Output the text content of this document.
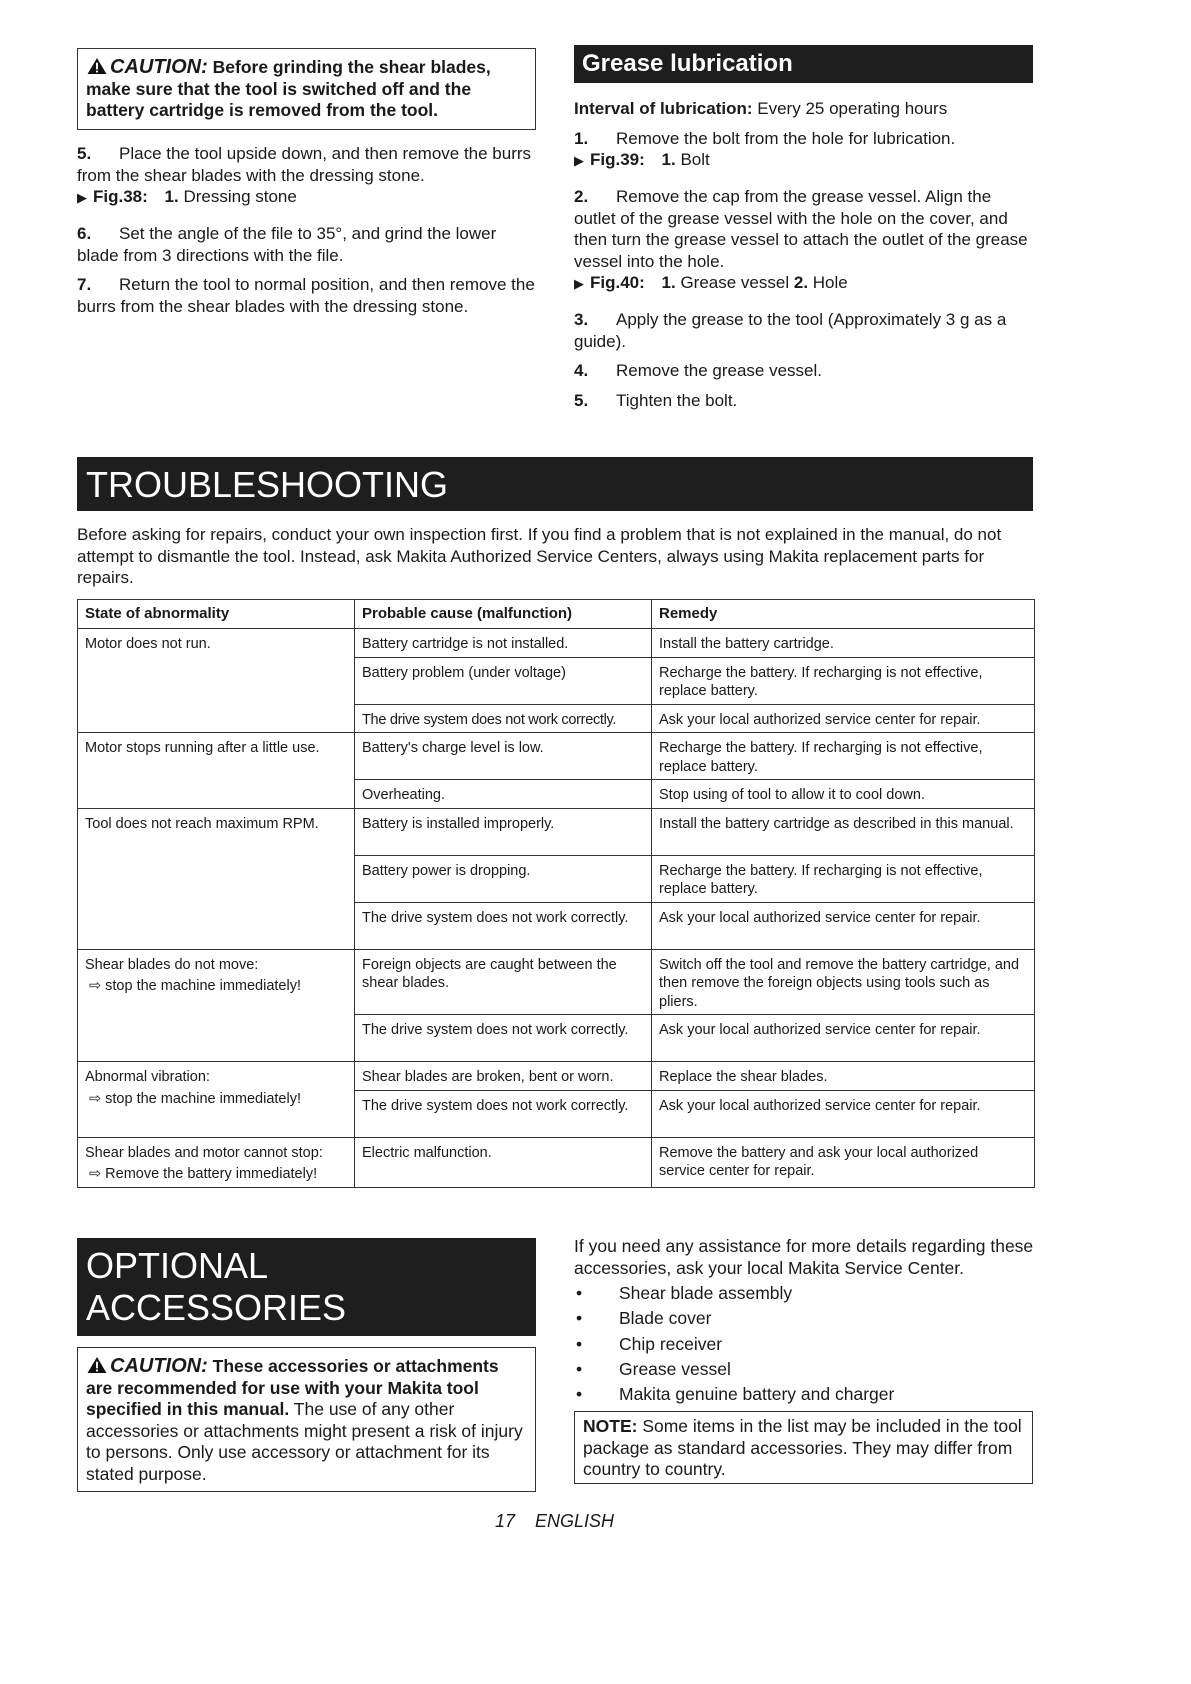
CAUTION: Before grinding the shear blades, make sure that the tool is switched off and the battery cartridge is removed from the tool.
5. Place the tool upside down, and then remove the burrs from the shear blades with the dressing stone.
▶ Fig.38: 1. Dressing stone
6. Set the angle of the file to 35°, and grind the lower blade from 3 directions with the file.
7. Return the tool to normal position, and then remove the burrs from the shear blades with the dressing stone.
Grease lubrication
Interval of lubrication: Every 25 operating hours
1. Remove the bolt from the hole for lubrication.
▶ Fig.39: 1. Bolt
2. Remove the cap from the grease vessel. Align the outlet of the grease vessel with the hole on the cover, and then turn the grease vessel to attach the outlet of the grease vessel into the hole.
▶ Fig.40: 1. Grease vessel 2. Hole
3. Apply the grease to the tool (Approximately 3 g as a guide).
4. Remove the grease vessel.
5. Tighten the bolt.
TROUBLESHOOTING
Before asking for repairs, conduct your own inspection first. If you find a problem that is not explained in the manual, do not attempt to dismantle the tool. Instead, ask Makita Authorized Service Centers, always using Makita replacement parts for repairs.
State of abnormality	Probable cause (malfunction)	Remedy
Motor does not run.	Battery cartridge is not installed.	Install the battery cartridge.
	Battery problem (under voltage)	Recharge the battery. If recharging is not effective, replace battery.
	The drive system does not work correctly.	Ask your local authorized service center for repair.
Motor stops running after a little use.	Battery's charge level is low.	Recharge the battery. If recharging is not effective, replace battery.
	Overheating.	Stop using of tool to allow it to cool down.
Tool does not reach maximum RPM.	Battery is installed improperly.	Install the battery cartridge as described in this manual.
	Battery power is dropping.	Recharge the battery. If recharging is not effective, replace battery.
	The drive system does not work correctly.	Ask your local authorized service center for repair.

Shear blades do not move:
⇨ stop the machine immediately!	Foreign objects are caught between the shear blades.	Switch off the tool and remove the battery cartridge, and then remove the foreign objects using tools such as pliers.
	The drive system does not work correctly.	Ask your local authorized service center for repair.

Abnormal vibration:
⇨ stop the machine immediately!	Shear blades are broken, bent or worn.	Replace the shear blades.
	The drive system does not work correctly.	Ask your local authorized service center for repair.

Shear blades and motor cannot stop:
⇨ Remove the battery immediately!	Electric malfunction.	Remove the battery and ask your local authorized service center for repair.
OPTIONAL
ACCESSORIES
CAUTION: These accessories or attachments are recommended for use with your Makita tool specified in this manual. The use of any other accessories or attachments might present a risk of injury to persons. Only use accessory or attachment for its stated purpose.
If you need any assistance for more details regarding these accessories, ask your local Makita Service Center.
• Shear blade assembly
• Blade cover
• Chip receiver
• Grease vessel
• Makita genuine battery and charger
NOTE: Some items in the list may be included in the tool package as standard accessories. They may differ from country to country.
17 ENGLISH
